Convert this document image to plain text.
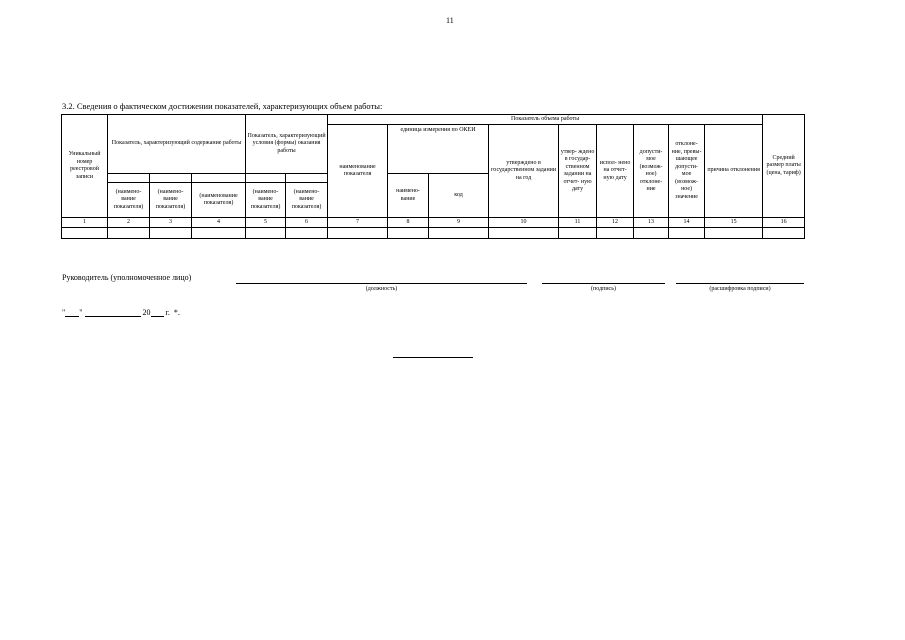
11
3.2. Сведения о фактическом достижении показателей, характеризующих объем работы:
Уникальный номер реестровой записи	Показатель, характеризующий содержание работы			Показатель, характеризующий условия (формы) оказания работы		Показатель объема работы									Средний размер платы (цена, тариф)
						наименование показателя	единица измерения по ОКЕИ		утверждено в государственном задании на год	утвер- ждено в государ- ственном задании на отчет- ную дату	испол- нено на отчет- ную дату	допусти- мое (возмож- ное) отклоне- ние	отклоне- ние, превы- шающее допусти- мое (возмож- ное) значение	причина отклонения	
							наимено- вание	код							
	(наимено- вание показателя)	(наимено- вание показателя)	(наименование показателя)	(наимено- вание показателя)	(наимено- вание показателя)										
1	2	3	4	5	6	7	8	9	10	11	12	13	14	15	16

Руководитель (уполномоченное лицо)
(должность)	(подпись)	(расшифровка подписи)
" "	20 г. *.
